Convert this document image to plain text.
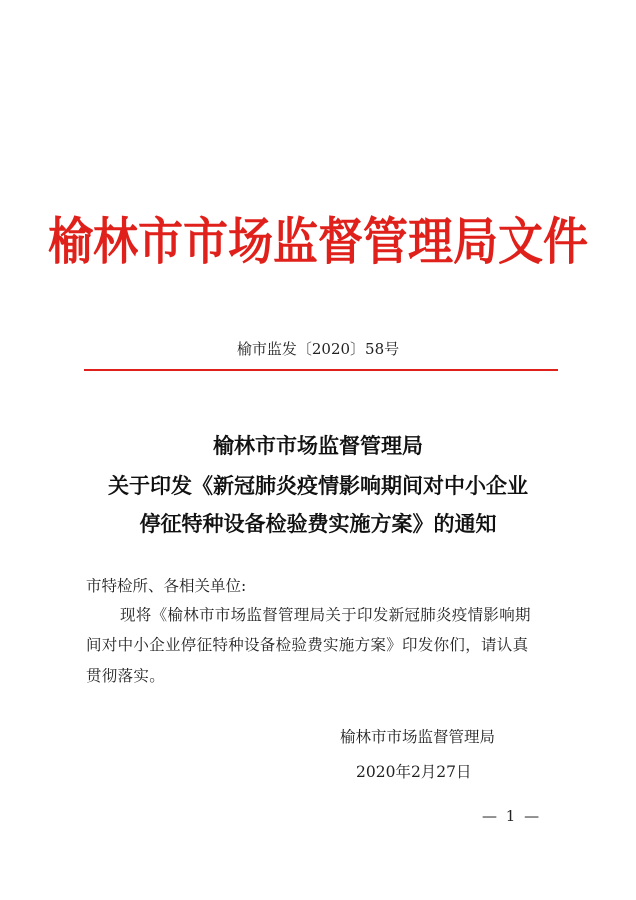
榆林市市场监督管理局文件
榆市监发〔2020〕58号
榆林市市场监督管理局
关于印发《新冠肺炎疫情影响期间对中小企业
停征特种设备检验费实施方案》的通知
市特检所、各相关单位:
现将《榆林市市场监督管理局关于印发新冠肺炎疫情影响期
间对中小企业停征特种设备检验费实施方案》印发你们，请认真
贯彻落实。
榆林市市场监督管理局
2020年2月27日
— 1 —
